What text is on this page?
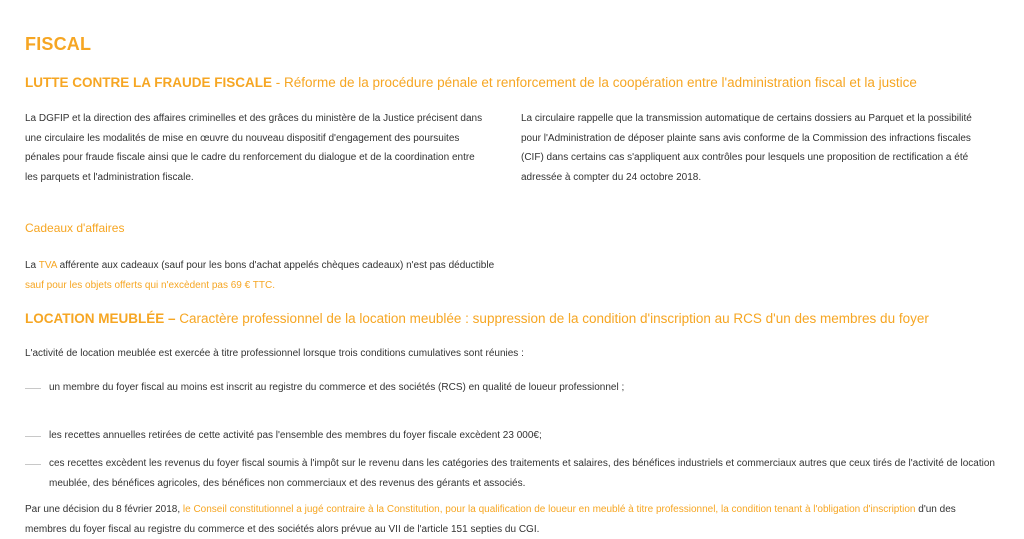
FISCAL
LUTTE CONTRE LA FRAUDE FISCALE - Réforme de la procédure pénale et renforcement de la coopération entre l'administration fiscal et la justice
La DGFIP et la direction des affaires criminelles et des grâces du ministère de la Justice précisent dans une circulaire les modalités de mise en œuvre du nouveau dispositif d'engagement des poursuites pénales pour fraude fiscale ainsi que le cadre du renforcement du dialogue et de la coordination entre les parquets et l'administration fiscale.
La circulaire rappelle que la transmission automatique de certains dossiers au Parquet et la possibilité pour l'Administration de déposer plainte sans avis conforme de la Commission des infractions fiscales (CIF) dans certains cas s'appliquent aux contrôles pour lesquels une proposition de rectification a été adressée à compter du 24 octobre 2018.
Cadeaux d'affaires
La TVA afférente aux cadeaux (sauf pour les bons d'achat appelés chèques cadeaux) n'est pas déductible sauf pour les objets offerts qui n'excèdent pas 69 € TTC.
LOCATION MEUBLÉE – Caractère professionnel de la location meublée : suppression de la condition d'inscription au RCS d'un des membres du foyer
L'activité de location meublée est exercée à titre professionnel lorsque trois conditions cumulatives sont réunies :
un membre du foyer fiscal au moins est inscrit au registre du commerce et des sociétés (RCS) en qualité de loueur professionnel ;
les recettes annuelles retirées de cette activité pas l'ensemble des membres du foyer fiscale excèdent 23 000€;
ces recettes excèdent les revenus du foyer fiscal soumis à l'impôt sur le revenu dans les catégories des traitements et salaires, des bénéfices industriels et commerciaux autres que ceux tirés de l'activité de location meublée, des bénéfices agricoles, des bénéfices non commerciaux et des revenus des gérants et associés.
Par une décision du 8 février 2018, le Conseil constitutionnel a jugé contraire à la Constitution, pour la qualification de loueur en meublé à titre professionnel, la condition tenant à l'obligation d'inscription d'un des membres du foyer fiscal au registre du commerce et des sociétés alors prévue au VII de l'article 151 septies du CGI.
